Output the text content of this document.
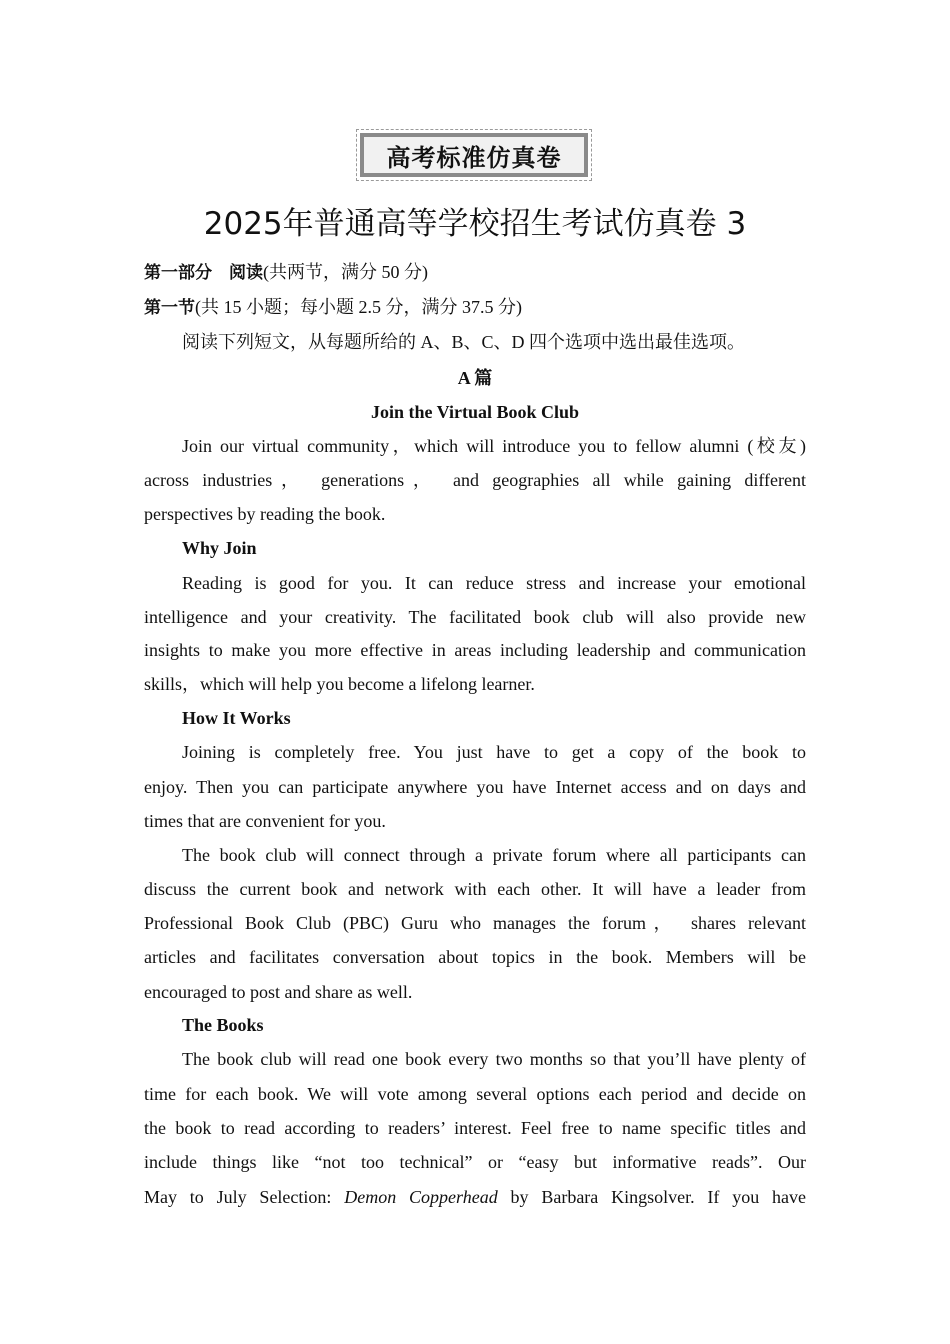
高考标准仿真卷
2025年普通高等学校招生考试仿真卷 3
第一部分　阅读(共两节，满分 50 分)
第一节(共 15 小题；每小题 2.5 分，满分 37.5 分)
阅读下列短文，从每题所给的 A、B、C、D 四个选项中选出最佳选项。
A 篇
Join the Virtual Book Club
Join our virtual community，which will introduce you to fellow alumni (校友)
across industries， generations， and geographies all while gaining different
perspectives by reading the book.
Why Join
Reading is good for you. It can reduce stress and increase your emotional
intelligence and your creativity. The facilitated book club will also provide new
insights to make you more effective in areas including leadership and communication
skills，which will help you become a lifelong learner.
How It Works
Joining is completely free. You just have to get a copy of the book to
enjoy. Then you can participate anywhere you have Internet access and on days and
times that are convenient for you.
The book club will connect through a private forum where all participants can
discuss the current book and network with each other. It will have a leader from
Professional Book Club (PBC) Guru who manages the forum， shares relevant
articles and facilitates conversation about topics in the book. Members will be
encouraged to post and share as well.
The Books
The book club will read one book every two months so that you’ll have plenty of
time for each book. We will vote among several options each period and decide on
the book to read according to readers’ interest. Feel free to name specific titles and
include things like “not too technical” or “easy but informative reads”. Our
May to July Selection: Demon Copperhead by Barbara Kingsolver. If you have
